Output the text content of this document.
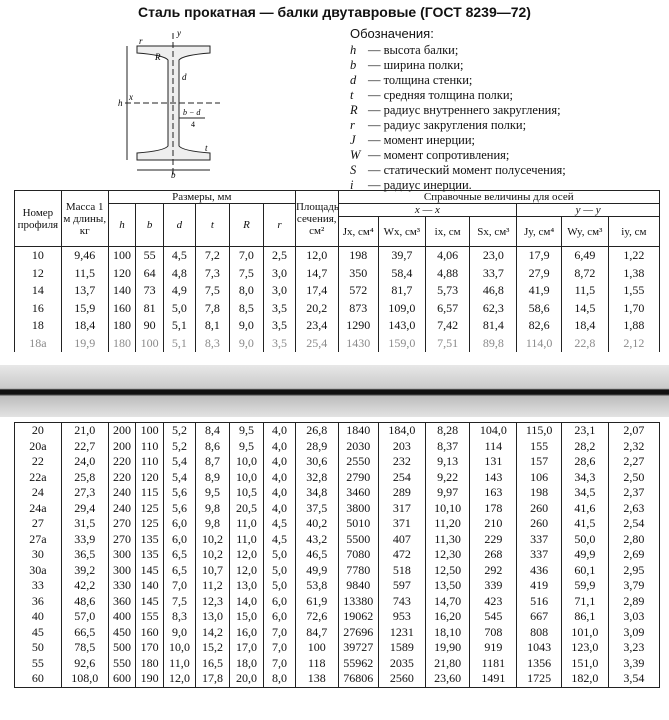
Сталь прокатная — балки двутавровые (ГОСТ 8239—72)
y
x
h
b
d
t
R
r
b − d
4
Обозначения:
h — высота балки;
b — ширина полки;
d — толщина стенки;
t — средняя толщина полки;
R — радиус внутреннего закругления;
r — радиус закругления полки;
J — момент инерции;
W — момент сопротивления;
S — статический момент полусечения;
i — радиус инерции.
Номер профиля	Масса 1 м длины, кг	Размеры, мм						Площадь сечения, см²	Справочные величины для осей						
		h	b	d	t	R	r		x — x				y — y		
									Jx, см⁴	Wx, см³	ix, см	Sx, см³	Jy, см⁴	Wy, см³	iy, см
10	9,46	100	55	4,5	7,2	7,0	2,5	12,0	198	39,7	4,06	23,0	17,9	6,49	1,22
12	11,5	120	64	4,8	7,3	7,5	3,0	14,7	350	58,4	4,88	33,7	27,9	8,72	1,38
14	13,7	140	73	4,9	7,5	8,0	3,0	17,4	572	81,7	5,73	46,8	41,9	11,5	1,55
16	15,9	160	81	5,0	7,8	8,5	3,5	20,2	873	109,0	6,57	62,3	58,6	14,5	1,70
18	18,4	180	90	5,1	8,1	9,0	3,5	23,4	1290	143,0	7,42	81,4	82,6	18,4	1,88
18а	19,9	180	100	5,1	8,3	9,0	3,5	25,4	1430	159,0	7,51	89,8	114,0	22,8	2,12
20	21,0	200	100	5,2	8,4	9,5	4,0	26,8	1840	184,0	8,28	104,0	115,0	23,1	2,07
20а	22,7	200	110	5,2	8,6	9,5	4,0	28,9	2030	203	8,37	114	155	28,2	2,32
22	24,0	220	110	5,4	8,7	10,0	4,0	30,6	2550	232	9,13	131	157	28,6	2,27
22а	25,8	220	120	5,4	8,9	10,0	4,0	32,8	2790	254	9,22	143	106	34,3	2,50
24	27,3	240	115	5,6	9,5	10,5	4,0	34,8	3460	289	9,97	163	198	34,5	2,37
24а	29,4	240	125	5,6	9,8	20,5	4,0	37,5	3800	317	10,10	178	260	41,6	2,63
27	31,5	270	125	6,0	9,8	11,0	4,5	40,2	5010	371	11,20	210	260	41,5	2,54
27а	33,9	270	135	6,0	10,2	11,0	4,5	43,2	5500	407	11,30	229	337	50,0	2,80
30	36,5	300	135	6,5	10,2	12,0	5,0	46,5	7080	472	12,30	268	337	49,9	2,69
30а	39,2	300	145	6,5	10,7	12,0	5,0	49,9	7780	518	12,50	292	436	60,1	2,95
33	42,2	330	140	7,0	11,2	13,0	5,0	53,8	9840	597	13,50	339	419	59,9	3,79
36	48,6	360	145	7,5	12,3	14,0	6,0	61,9	13380	743	14,70	423	516	71,1	2,89
40	57,0	400	155	8,3	13,0	15,0	6,0	72,6	19062	953	16,20	545	667	86,1	3,03
45	66,5	450	160	9,0	14,2	16,0	7,0	84,7	27696	1231	18,10	708	808	101,0	3,09
50	78,5	500	170	10,0	15,2	17,0	7,0	100	39727	1589	19,90	919	1043	123,0	3,23
55	92,6	550	180	11,0	16,5	18,0	7,0	118	55962	2035	21,80	1181	1356	151,0	3,39
60	108,0	600	190	12,0	17,8	20,0	8,0	138	76806	2560	23,60	1491	1725	182,0	3,54
